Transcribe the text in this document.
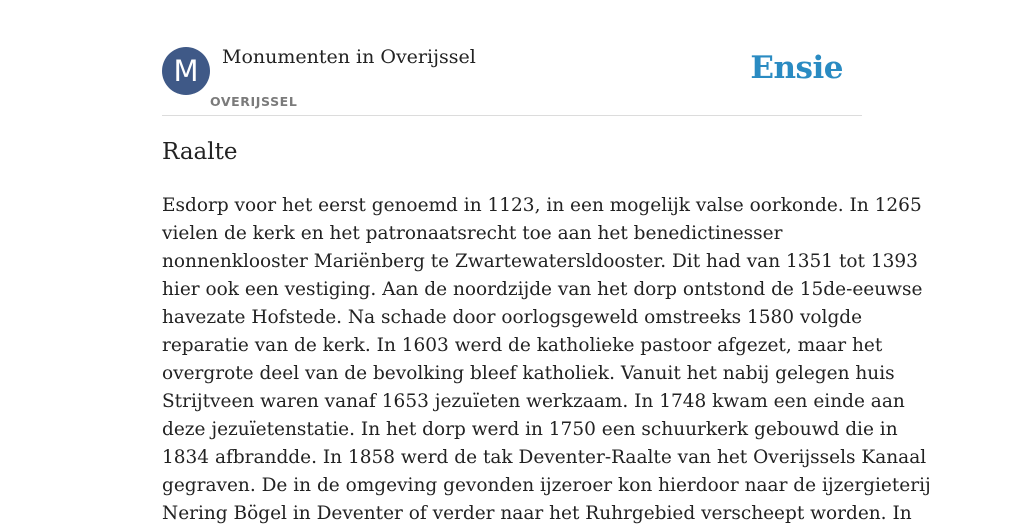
M	Monumenten in Overijssel
OVERIJSSEL
Ensie
Raalte
Esdorp voor het eerst genoemd in 1123, in een mogelijk valse oorkonde. In 1265
vielen de kerk en het patronaatsrecht toe aan het benedictinesser
nonnenklooster Mariënberg te Zwartewatersldooster. Dit had van 1351 tot 1393
hier ook een vestiging. Aan de noordzijde van het dorp ontstond de 15de-eeuwse
havezate Hofstede. Na schade door oorlogsgeweld omstreeks 1580 volgde
reparatie van de kerk. In 1603 werd de katholieke pastoor afgezet, maar het
overgrote deel van de bevolking bleef katholiek. Vanuit het nabij gelegen huis
Strijtveen waren vanaf 1653 jezuïeten werkzaam. In 1748 kwam een einde aan
deze jezuïetenstatie. In het dorp werd in 1750 een schuurkerk gebouwd die in
1834 afbrandde. In 1858 werd de tak Deventer-Raalte van het Overijssels Kanaal
gegraven. De in de omgeving gevonden ijzeroer kon hierdoor naar de ijzergieterij
Nering Bögel in Deventer of verder naar het Ruhrgebied verscheept worden. In
